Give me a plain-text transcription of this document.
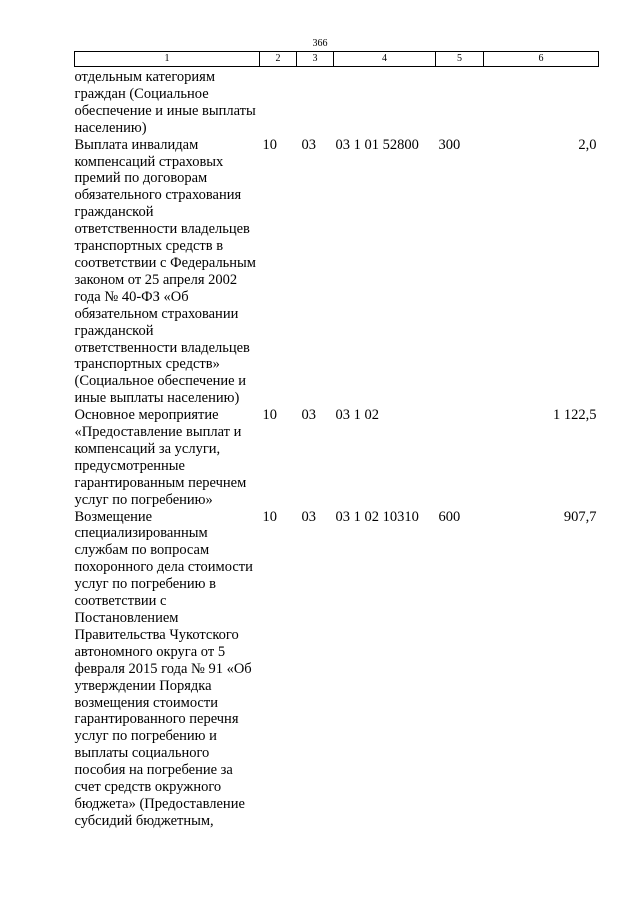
366
1	2	3	4	5	6
отдельным категориям граждан (Социальное обеспечение и иные выплаты населению)					
Выплата инвалидам компенсаций страховых премий по договорам обязательного страхования гражданской ответственности владельцев транспортных средств в соответствии с Федеральным законом от 25 апреля 2002 года № 40-ФЗ «Об обязательном страховании гражданской ответственности владельцев транспортных средств» (Социальное обеспечение и иные выплаты населению)	10	03	03 1 01 52800	300	2,0
Основное мероприятие «Предоставление выплат и компенсаций за услуги, предусмотренные гарантированным перечнем услуг по погребению»	10	03	03 1 02		1 122,5
Возмещение специализированным службам по вопросам похоронного дела стоимости услуг по погребению в соответствии с Постановлением Правительства Чукотского автономного округа от 5 февраля 2015 года № 91 «Об утверждении Порядка возмещения стоимости гарантированного перечня услуг по погребению и выплаты социального пособия на погребение за счет средств окружного бюджета» (Предоставление субсидий бюджетным,	10	03	03 1 02 10310	600	907,7
